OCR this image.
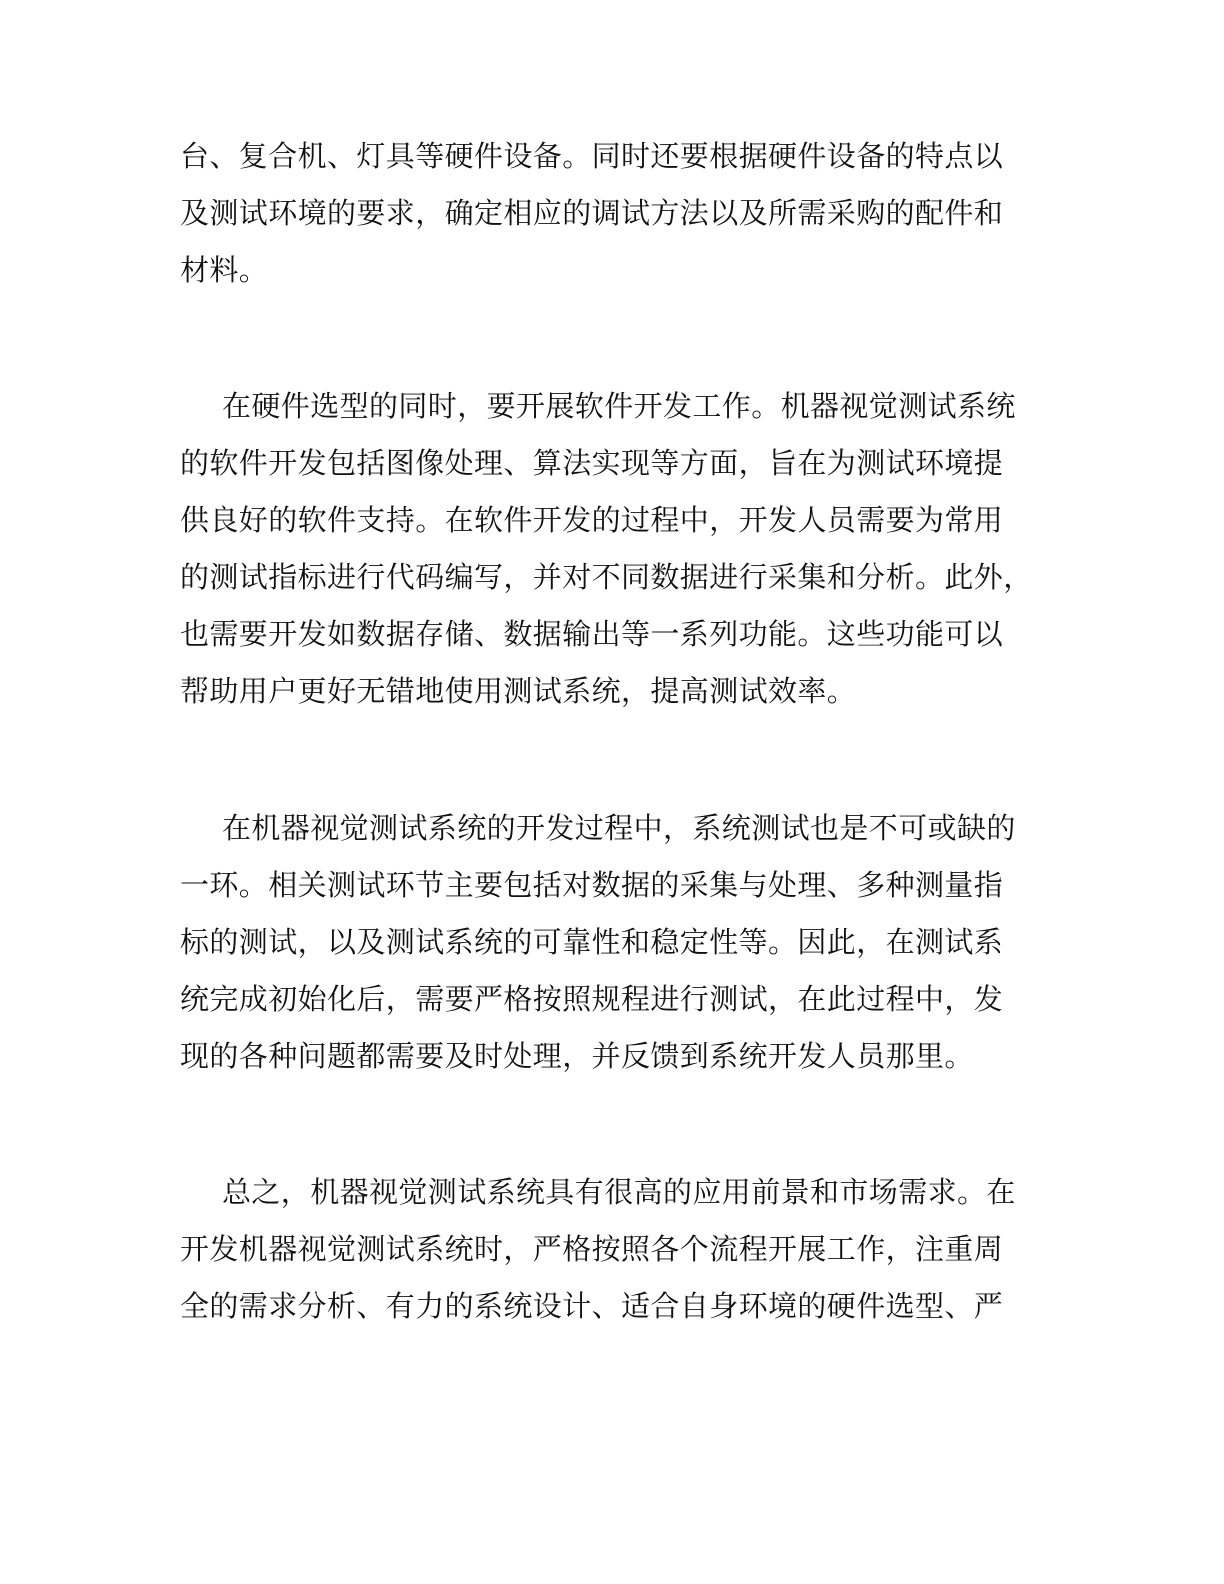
台、复合机、灯具等硬件设备。同时还要根据硬件设备的特点以

及测试环境的要求，确定相应的调试方法以及所需采购的配件和

材料。

在硬件选型的同时，要开展软件开发工作。机器视觉测试系统

的软件开发包括图像处理、算法实现等方面，旨在为测试环境提

供良好的软件支持。在软件开发的过程中，开发人员需要为常用

的测试指标进行代码编写，并对不同数据进行采集和分析。此外，

也需要开发如数据存储、数据输出等一系列功能。这些功能可以

帮助用户更好无错地使用测试系统，提高测试效率。

在机器视觉测试系统的开发过程中，系统测试也是不可或缺的

一环。相关测试环节主要包括对数据的采集与处理、多种测量指

标的测试，以及测试系统的可靠性和稳定性等。因此，在测试系

统完成初始化后，需要严格按照规程进行测试，在此过程中，发

现的各种问题都需要及时处理，并反馈到系统开发人员那里。

总之，机器视觉测试系统具有很高的应用前景和市场需求。在

开发机器视觉测试系统时，严格按照各个流程开展工作，注重周

全的需求分析、有力的系统设计、适合自身环境的硬件选型、严
